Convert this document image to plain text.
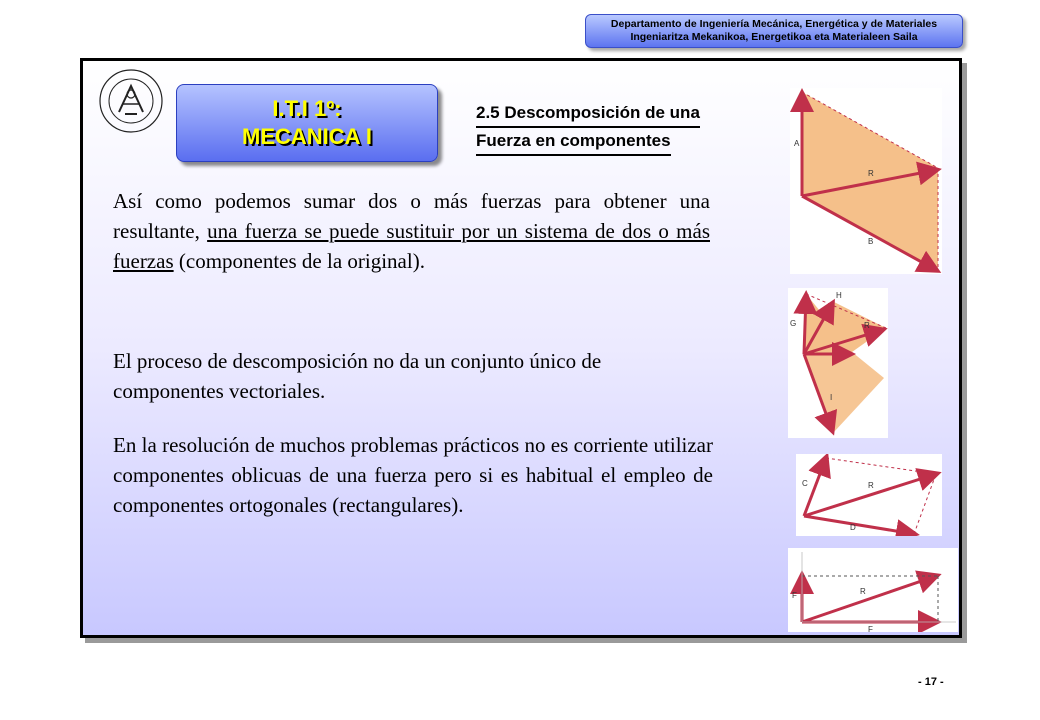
Departamento de Ingeniería Mecánica, Energética y de Materiales
Ingeniaritza Mekanikoa, Energetikoa eta Materialeen Saila
I.T.I 1º:
MECANICA I
2.5 Descomposición de una
Fuerza en componentes
Así como podemos sumar dos o más fuerzas para obtener una resultante, una fuerza se puede sustituir por un sistema de dos o más fuerzas (componentes de la original).
El proceso de descomposición no da un conjunto único de componentes vectoriales.
En la resolución de muchos problemas prácticos no es corriente utilizar componentes oblicuas de una fuerza pero si es habitual el empleo de componentes ortogonales (rectangulares).
A
R
B
H
G	R
I
C	R
D
F	R
F
- 17 -
